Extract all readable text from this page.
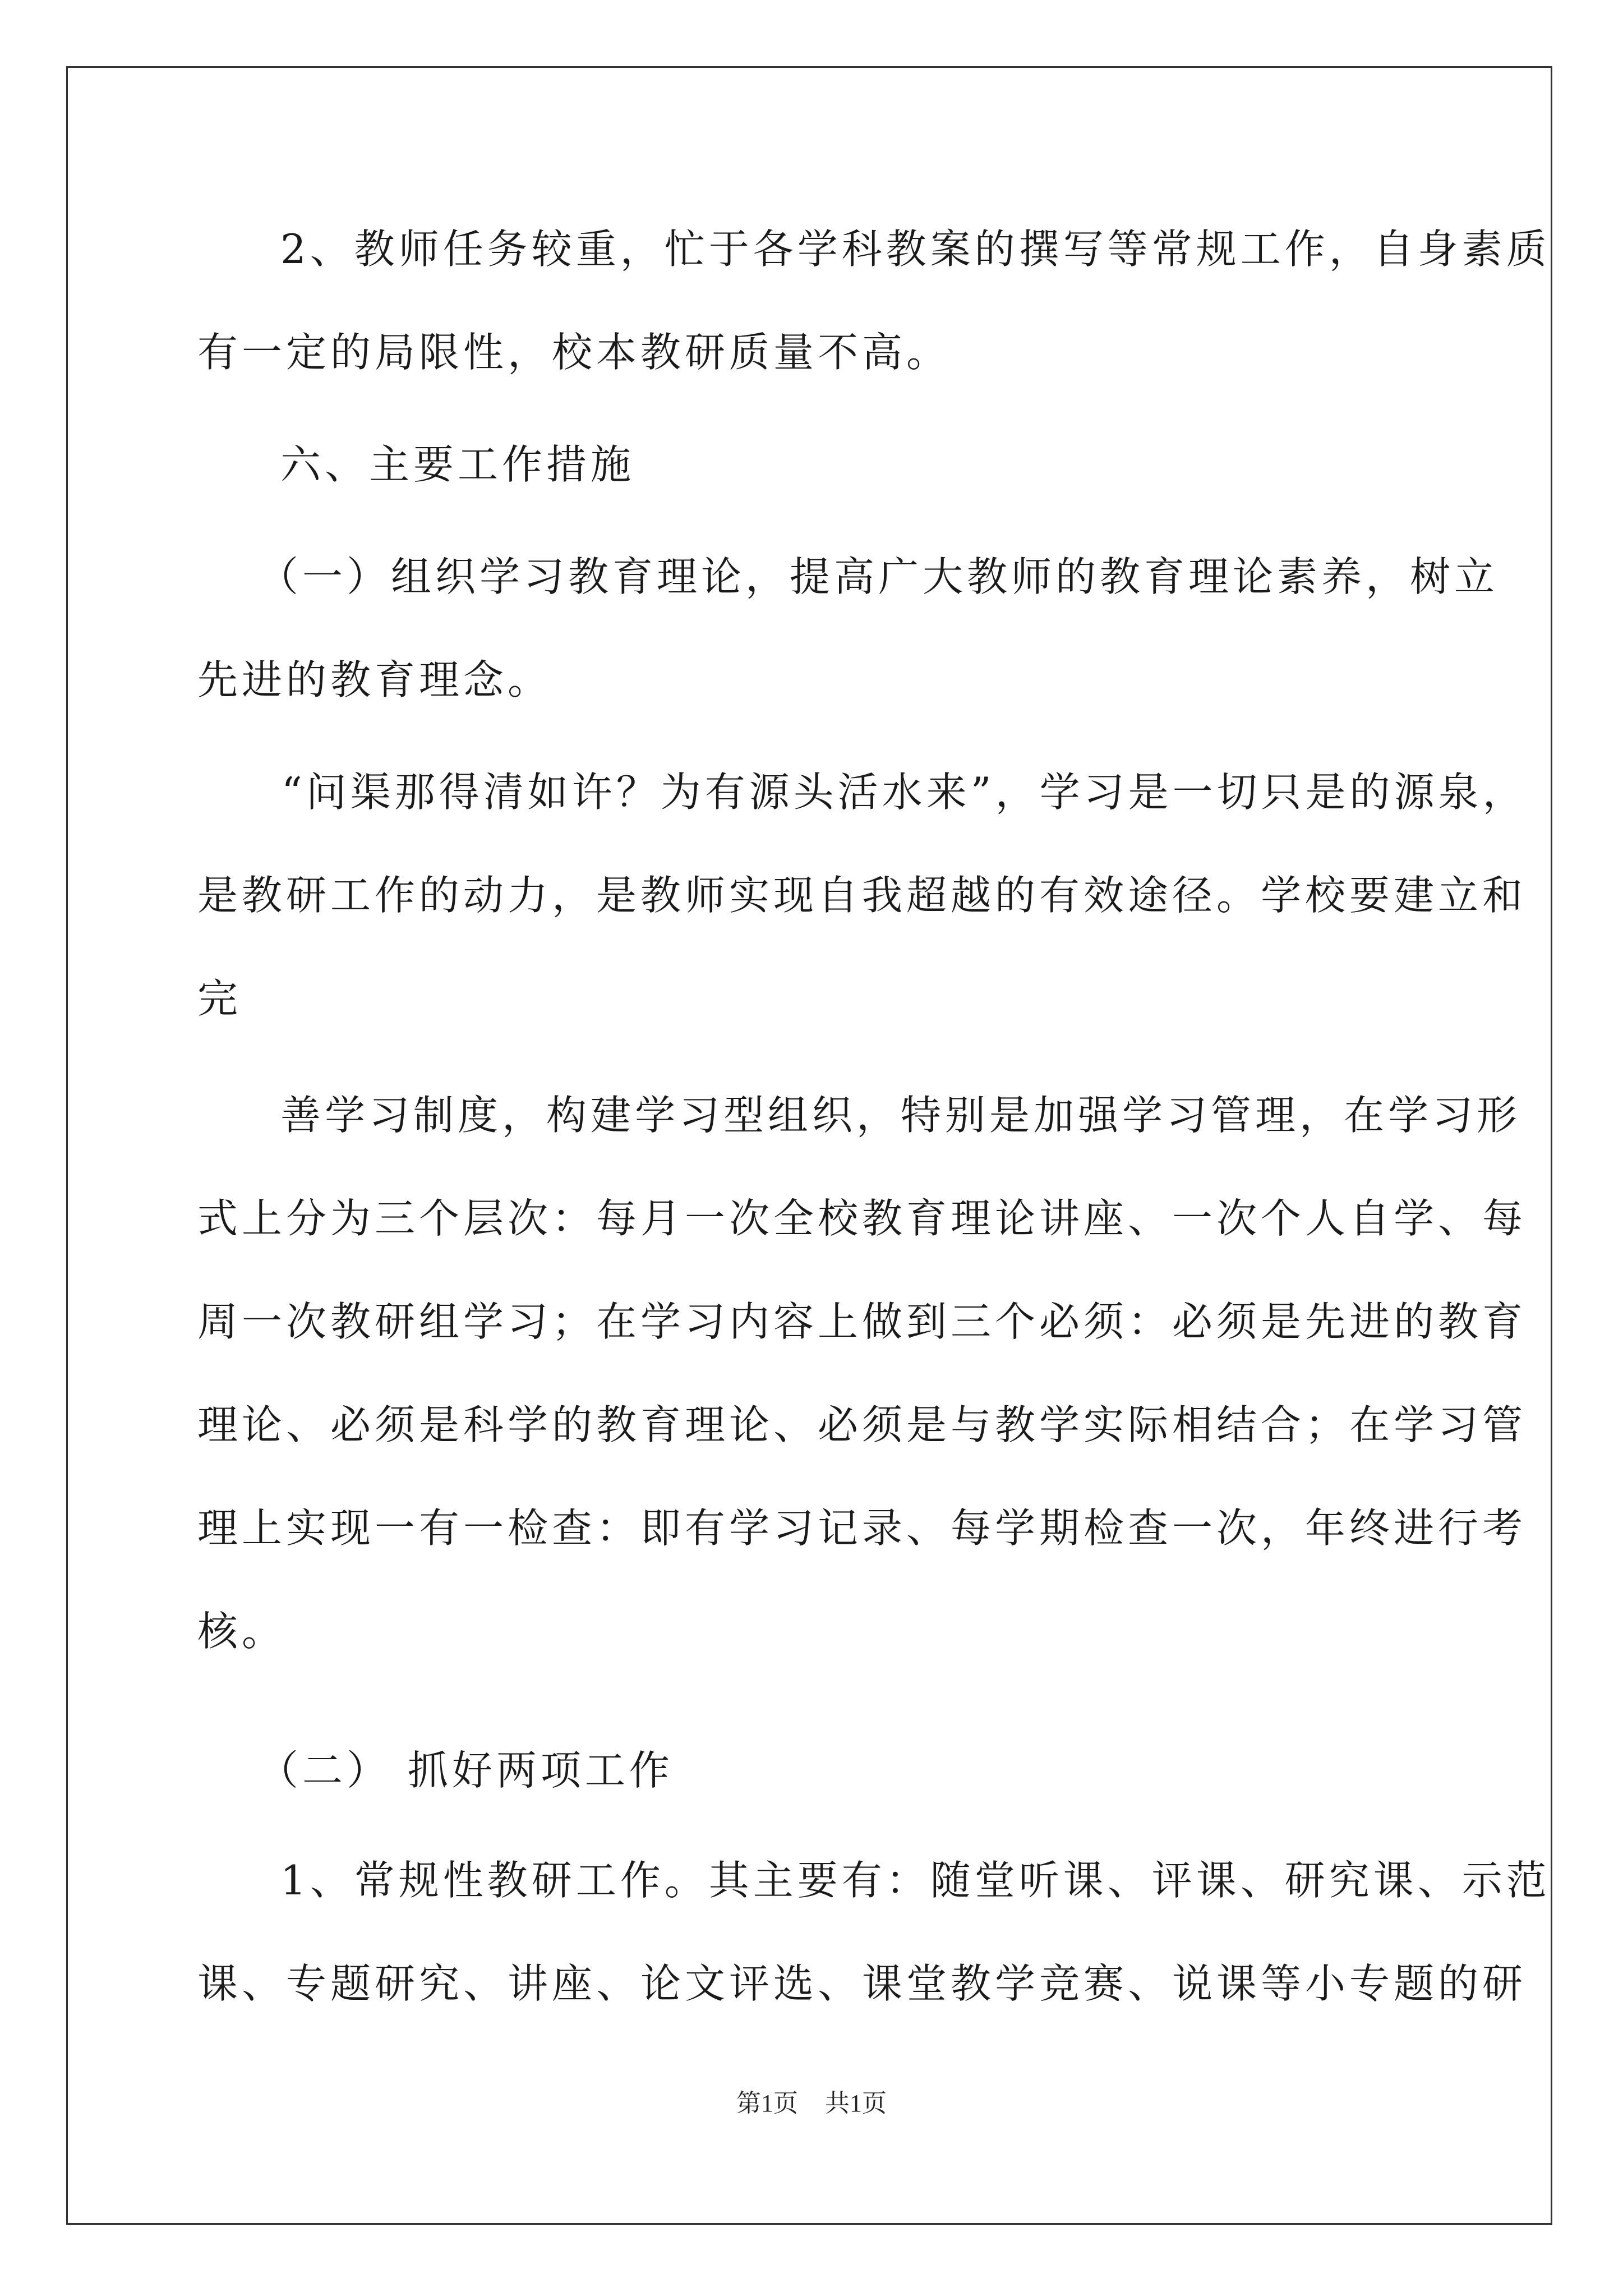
2、教师任务较重，忙于各学科教案的撰写等常规工作，自身素质
有一定的局限性，校本教研质量不高。
六、主要工作措施
（一）组织学习教育理论，提高广大教师的教育理论素养，树立
先进的教育理念。
“问渠那得清如许？为有源头活水来”，学习是一切只是的源泉，
是教研工作的动力，是教师实现自我超越的有效途径。学校要建立和
完
善学习制度，构建学习型组织，特别是加强学习管理，在学习形
式上分为三个层次：每月一次全校教育理论讲座、一次个人自学、每
周一次教研组学习；在学习内容上做到三个必须：必须是先进的教育
理论、必须是科学的教育理论、必须是与教学实际相结合；在学习管
理上实现一有一检查：即有学习记录、每学期检查一次，年终进行考
核。
（二） 抓好两项工作
1、常规性教研工作。其主要有：随堂听课、评课、研究课、示范
课、专题研究、讲座、论文评选、课堂教学竞赛、说课等小专题的研
第1页 共1页
